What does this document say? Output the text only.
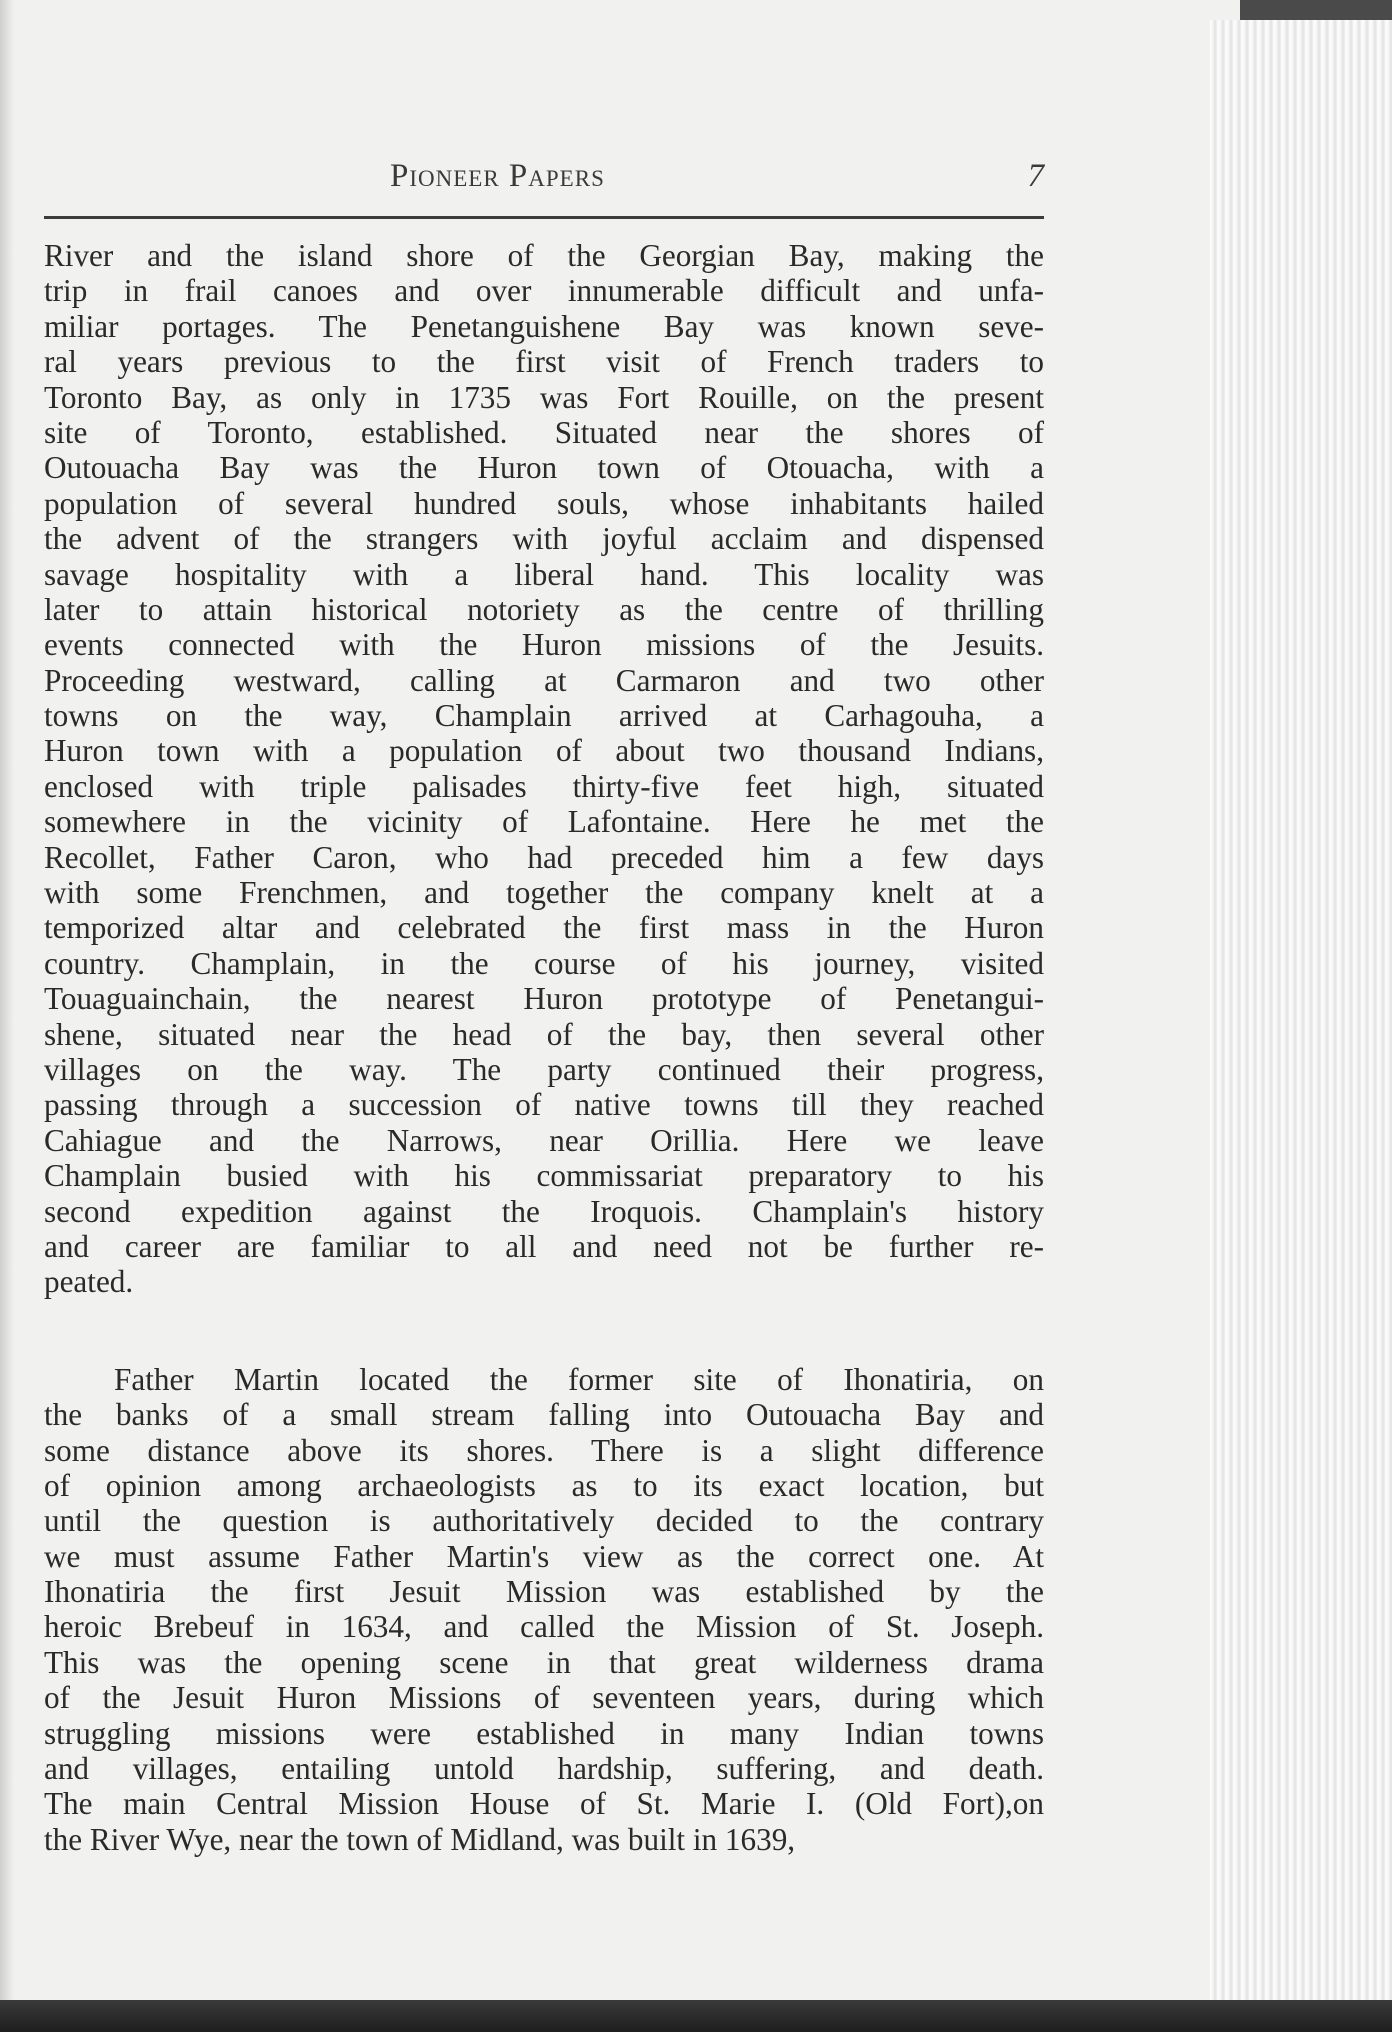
Pioneer Papers	7
River and the island shore of the Georgian Bay, making the
trip in frail canoes and over innumerable difficult and unfa-
miliar portages. The Penetanguishene Bay was known seve-
ral years previous to the first visit of French traders to
Toronto Bay, as only in 1735 was Fort Rouille, on the present
site of Toronto, established. Situated near the shores of
Outouacha Bay was the Huron town of Otouacha, with a
population of several hundred souls, whose inhabitants hailed
the advent of the strangers with joyful acclaim and dispensed
savage hospitality with a liberal hand. This locality was
later to attain historical notoriety as the centre of thrilling
events connected with the Huron missions of the Jesuits.
Proceeding westward, calling at Carmaron and two other
towns on the way, Champlain arrived at Carhagouha, a
Huron town with a population of about two thousand Indians,
enclosed with triple palisades thirty-five feet high, situated
somewhere in the vicinity of Lafontaine. Here he met the
Recollet, Father Caron, who had preceded him a few days
with some Frenchmen, and together the company knelt at a
temporized altar and celebrated the first mass in the Huron
country. Champlain, in the course of his journey, visited
Touaguainchain, the nearest Huron prototype of Penetangui-
shene, situated near the head of the bay, then several other
villages on the way. The party continued their progress,
passing through a succession of native towns till they reached
Cahiague and the Narrows, near Orillia. Here we leave
Champlain busied with his commissariat preparatory to his
second expedition against the Iroquois. Champlain's history
and career are familiar to all and need not be further re-
peated.
Father Martin located the former site of Ihonatiria, on
the banks of a small stream falling into Outouacha Bay and
some distance above its shores. There is a slight difference
of opinion among archaeologists as to its exact location, but
until the question is authoritatively decided to the contrary
we must assume Father Martin's view as the correct one. At
Ihonatiria the first Jesuit Mission was established by the
heroic Brebeuf in 1634, and called the Mission of St. Joseph.
This was the opening scene in that great wilderness drama
of the Jesuit Huron Missions of seventeen years, during which
struggling missions were established in many Indian towns
and villages, entailing untold hardship, suffering, and death.
The main Central Mission House of St. Marie I. (Old Fort),on
the River Wye, near the town of Midland, was built in 1639,
